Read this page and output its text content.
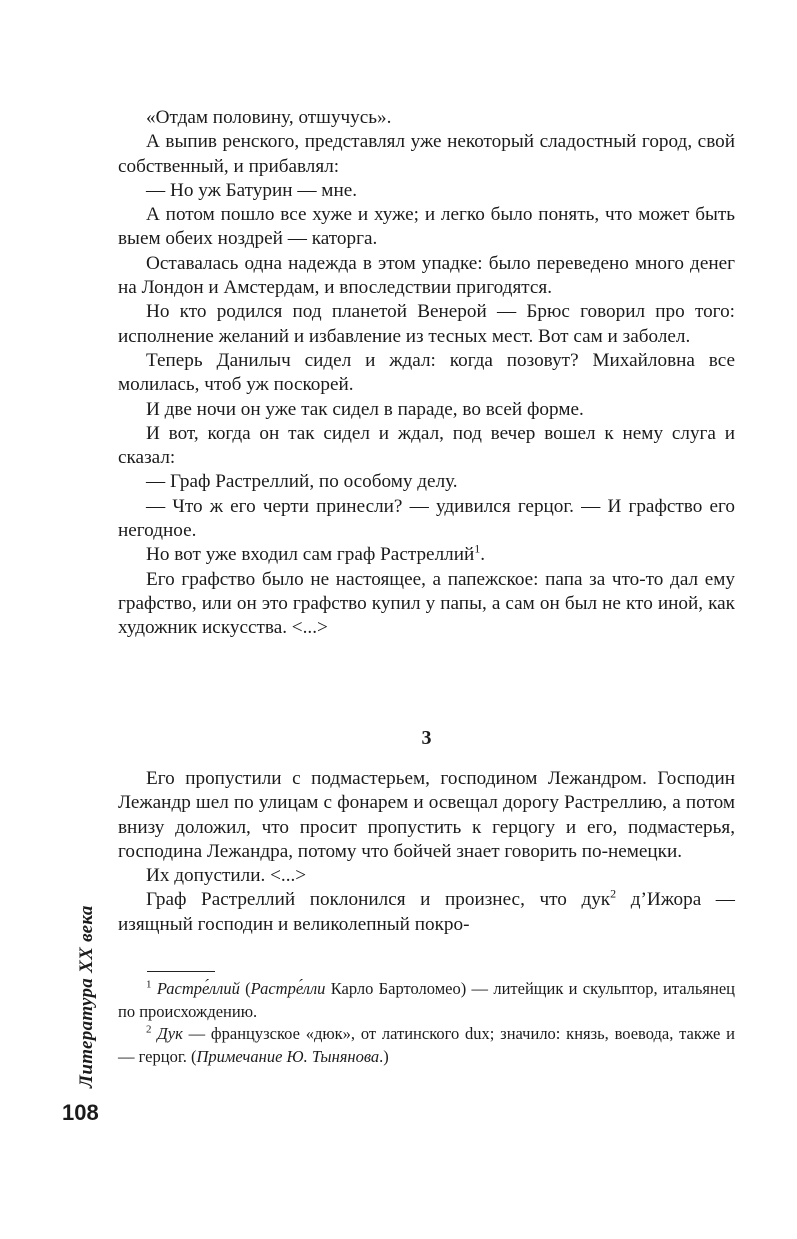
«Отдам половину, отшучусь».

А выпив ренского, представлял уже некоторый сладостный город, свой собственный, и прибавлял:

— Но уж Батурин — мне.

А потом пошло все хуже и хуже; и легко было понять, что может быть выем обеих ноздрей — каторга.

Оставалась одна надежда в этом упадке: было переведено много денег на Лондон и Амстердам, и впоследствии пригодятся.

Но кто родился под планетой Венерой — Брюс говорил про того: исполнение желаний и избавление из тесных мест. Вот сам и заболел.

Теперь Данилыч сидел и ждал: когда позовут? Михайловна все молилась, чтоб уж поскорей.

И две ночи он уже так сидел в параде, во всей форме.

И вот, когда он так сидел и ждал, под вечер вошел к нему слуга и сказал:

— Граф Растреллий, по особому делу.

— Что ж его черти принесли? — удивился герцог. — И графство его негодное.

Но вот уже входил сам граф Растреллий$^1$.

Его графство было не настоящее, а папежское: папа за что-то дал ему графство, или он это графство купил у папы, а сам он был не кто иной, как художник искусства. <...>

3

Его пропустили с подмастерьем, господином Лежандром. Господин Лежандр шел по улицам с фонарем и освещал дорогу Растреллию, а потом внизу доложил, что просит пропустить к герцогу и его, подмастерья, господина Лежандра, потому что бойчей знает говорить по-немецки.

Их допустили. <...>

Граф Растреллий поклонился и произнес, что дук$^2$ д’Ижора — изящный господин и великолепный покро-

$^1$ Растре́ллий (Растре́лли Карло Бартоломео) — литейщик и скульптор, итальянец по происхождению.

$^2$ Дук — французское «дюк», от латинского dux; значило: князь, воевода, также и — герцог. (Примечание Ю. Тынянова.)

Литература XX века
108
